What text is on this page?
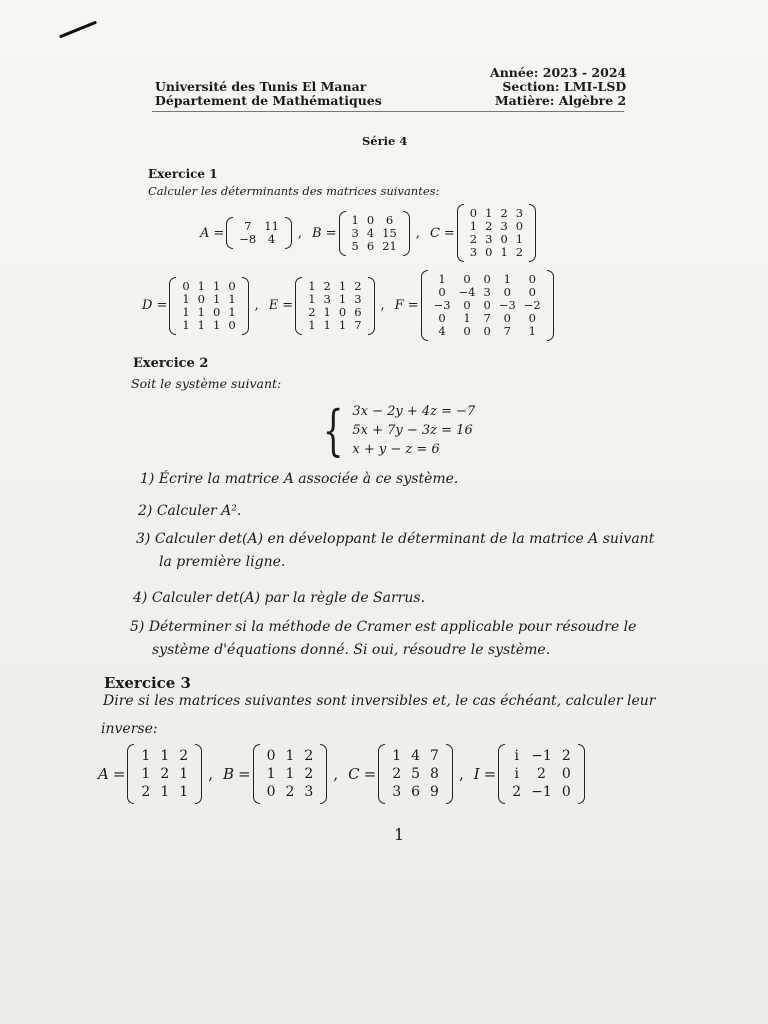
Université des Tunis El Manar
Département de Mathématiques
Année: 2023 - 2024
Section: LMI-LSD
Matière: Algèbre 2
Série 4
Exercice 1
Calculer les déterminants des matrices suivantes:
A = 7	11
−8	4 , B =
1	0	6
3	4	15
5	6	21
, C =
0	1	2	3
1	2	3	0
2	3	0	1
3	0	1	2
D =
0	1	1	0
1	0	1	1
1	1	0	1
1	1	1	0
, E =
1	2	1	2
1	3	1	3
2	1	0	6
1	1	1	7
, F =
1	0	0	1	0
0	−4	3	0	0
−3	0	0	−3	−2
0	1	7	0	0
4	0	0	7	1
Exercice 2
Soit le système suivant:
{ 3x − 2y + 4z = −7
5x + 7y − 3z = 16
x + y − z = 6
1) Écrire la matrice A associée à ce système.
2) Calculer A².
3) Calculer det(A) en développant le déterminant de la matrice A suivant
la première ligne.
4) Calculer det(A) par la règle de Sarrus.
5) Déterminer si la méthode de Cramer est applicable pour résoudre le
système d'équations donné. Si oui, résoudre le système.
Exercice 3
Dire si les matrices suivantes sont inversibles et, le cas échéant, calculer leur
inverse:
A =
1	1	2
1	2	1
2	1	1
, B =
0	1	2
1	1	2
0	2	3
, C =
1	4	7
2	5	8
3	6	9
, I =
i	−1	2
i	2	0
2	−1	0
1
